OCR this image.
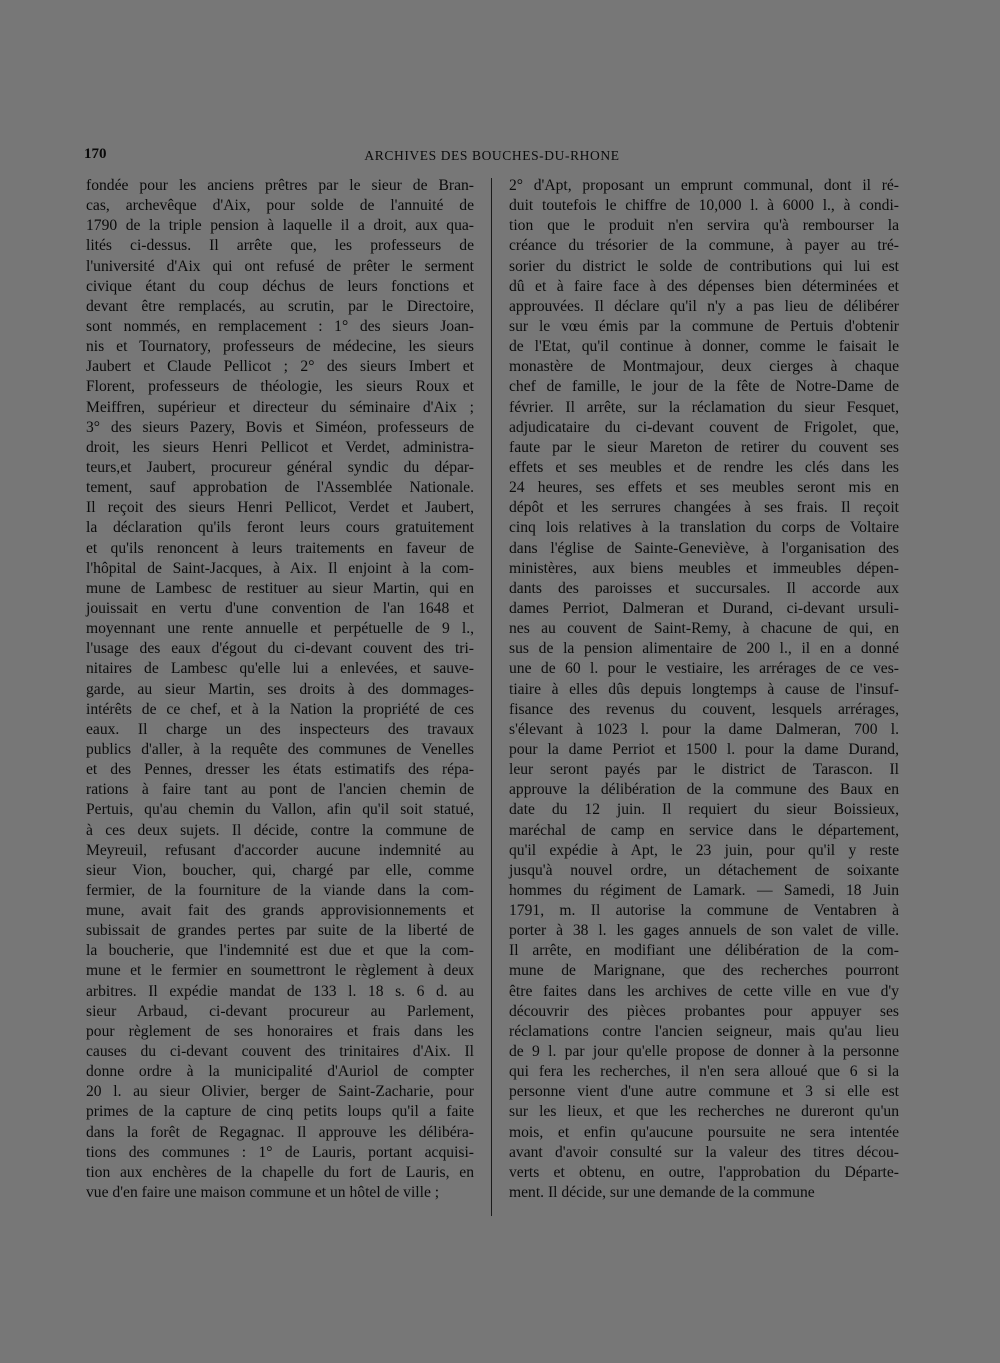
170	ARCHIVES DES BOUCHES-DU-RHONE
fondée pour les anciens prêtres par le sieur de Bran-
cas, archevêque d'Aix, pour solde de l'annuité de
1790 de la triple pension à laquelle il a droit, aux qua-
lités ci-dessus. Il arrête que, les professeurs de
l'université d'Aix qui ont refusé de prêter le serment
civique étant du coup déchus de leurs fonctions et
devant être remplacés, au scrutin, par le Directoire,
sont nommés, en remplacement : 1° des sieurs Joan-
nis et Tournatory, professeurs de médecine, les sieurs
Jaubert et Claude Pellicot ; 2° des sieurs Imbert et
Florent, professeurs de théologie, les sieurs Roux et
Meiffren, supérieur et directeur du séminaire d'Aix ;
3° des sieurs Pazery, Bovis et Siméon, professeurs de
droit, les sieurs Henri Pellicot et Verdet, administra-
teurs,et Jaubert, procureur général syndic du dépar-
tement, sauf approbation de l'Assemblée Nationale.
Il reçoit des sieurs Henri Pellicot, Verdet et Jaubert,
la déclaration qu'ils feront leurs cours gratuitement
et qu'ils renoncent à leurs traitements en faveur de
l'hôpital de Saint-Jacques, à Aix. Il enjoint à la com-
mune de Lambesc de restituer au sieur Martin, qui en
jouissait en vertu d'une convention de l'an 1648 et
moyennant une rente annuelle et perpétuelle de 9 l.,
l'usage des eaux d'égout du ci-devant couvent des tri-
nitaires de Lambesc qu'elle lui a enlevées, et sauve-
garde, au sieur Martin, ses droits à des dommages-
intérêts de ce chef, et à la Nation la propriété de ces
eaux. Il charge un des inspecteurs des travaux
publics d'aller, à la requête des communes de Venelles
et des Pennes, dresser les états estimatifs des répa-
rations à faire tant au pont de l'ancien chemin de
Pertuis, qu'au chemin du Vallon, afin qu'il soit statué,
à ces deux sujets. Il décide, contre la commune de
Meyreuil, refusant d'accorder aucune indemnité au
sieur Vion, boucher, qui, chargé par elle, comme
fermier, de la fourniture de la viande dans la com-
mune, avait fait des grands approvisionnements et
subissait de grandes pertes par suite de la liberté de
la boucherie, que l'indemnité est due et que la com-
mune et le fermier en soumettront le règlement à deux
arbitres. Il expédie mandat de 133 l. 18 s. 6 d. au
sieur Arbaud, ci-devant procureur au Parlement,
pour règlement de ses honoraires et frais dans les
causes du ci-devant couvent des trinitaires d'Aix. Il
donne ordre à la municipalité d'Auriol de compter
20 l. au sieur Olivier, berger de Saint-Zacharie, pour
primes de la capture de cinq petits loups qu'il a faite
dans la forêt de Regagnac. Il approuve les délibéra-
tions des communes : 1° de Lauris, portant acquisi-
tion aux enchères de la chapelle du fort de Lauris, en
vue d'en faire une maison commune et un hôtel de ville ;
2° d'Apt, proposant un emprunt communal, dont il ré-
duit toutefois le chiffre de 10,000 l. à 6000 l., à condi-
tion que le produit n'en servira qu'à rembourser la
créance du trésorier de la commune, à payer au tré-
sorier du district le solde de contributions qui lui est
dû et à faire face à des dépenses bien déterminées et
approuvées. Il déclare qu'il n'y a pas lieu de délibérer
sur le vœu émis par la commune de Pertuis d'obtenir
de l'Etat, qu'il continue à donner, comme le faisait le
monastère de Montmajour, deux cierges à chaque
chef de famille, le jour de la fête de Notre-Dame de
février. Il arrête, sur la réclamation du sieur Fesquet,
adjudicataire du ci-devant couvent de Frigolet, que,
faute par le sieur Mareton de retirer du couvent ses
effets et ses meubles et de rendre les clés dans les
24 heures, ses effets et ses meubles seront mis en
dépôt et les serrures changées à ses frais. Il reçoit
cinq lois relatives à la translation du corps de Voltaire
dans l'église de Sainte-Geneviève, à l'organisation des
ministères, aux biens meubles et immeubles dépen-
dants des paroisses et succursales. Il accorde aux
dames Perriot, Dalmeran et Durand, ci-devant ursuli-
nes au couvent de Saint-Remy, à chacune de qui, en
sus de la pension alimentaire de 200 l., il en a donné
une de 60 l. pour le vestiaire, les arrérages de ce ves-
tiaire à elles dûs depuis longtemps à cause de l'insuf-
fisance des revenus du couvent, lesquels arrérages,
s'élevant à 1023 l. pour la dame Dalmeran, 700 l.
pour la dame Perriot et 1500 l. pour la dame Durand,
leur seront payés par le district de Tarascon. Il
approuve la délibération de la commune des Baux en
date du 12 juin. Il requiert du sieur Boissieux,
maréchal de camp en service dans le département,
qu'il expédie à Apt, le 23 juin, pour qu'il y reste
jusqu'à nouvel ordre, un détachement de soixante
hommes du régiment de Lamark. — Samedi, 18 Juin
1791, m. Il autorise la commune de Ventabren à
porter à 38 l. les gages annuels de son valet de ville.
Il arrête, en modifiant une délibération de la com-
mune de Marignane, que des recherches pourront
être faites dans les archives de cette ville en vue d'y
découvrir des pièces probantes pour appuyer ses
réclamations contre l'ancien seigneur, mais qu'au lieu
de 9 l. par jour qu'elle propose de donner à la personne
qui fera les recherches, il n'en sera alloué que 6 si la
personne vient d'une autre commune et 3 si elle est
sur les lieux, et que les recherches ne dureront qu'un
mois, et enfin qu'aucune poursuite ne sera intentée
avant d'avoir consulté sur la valeur des titres décou-
verts et obtenu, en outre, l'approbation du Départe-
ment. Il décide, sur une demande de la commune
